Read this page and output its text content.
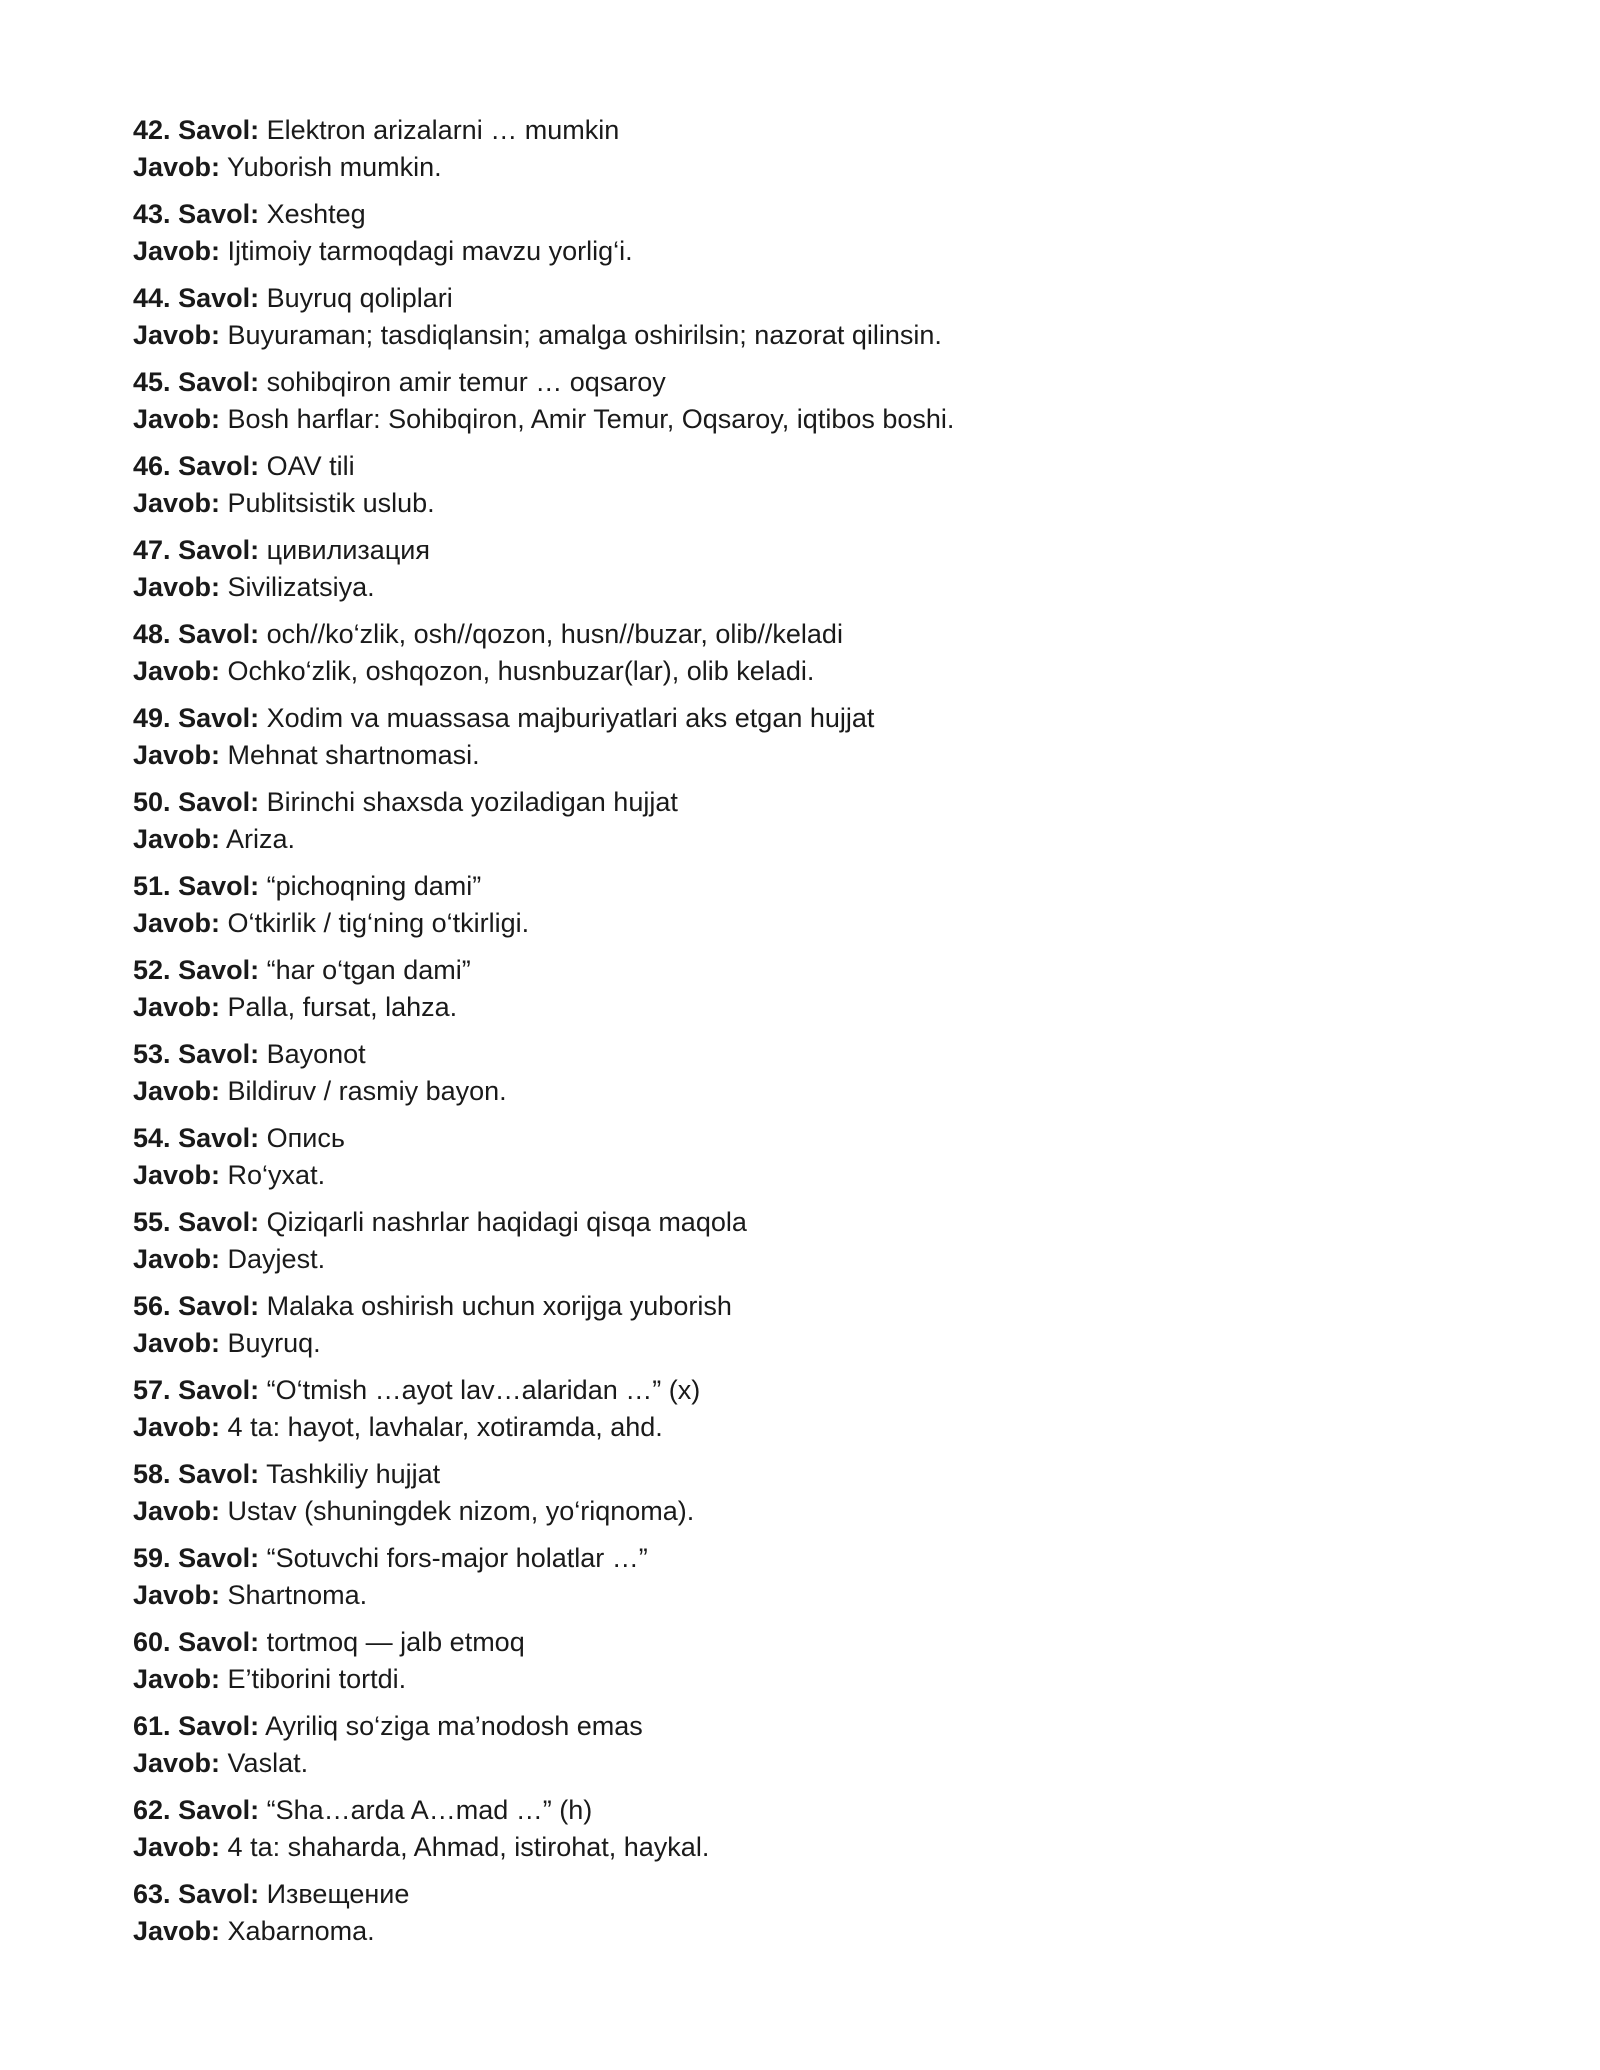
42. Savol: Elektron arizalarni … mumkin
Javob: Yuborish mumkin.
43. Savol: Xeshteg
Javob: Ijtimoiy tarmoqdagi mavzu yorlig‘i.
44. Savol: Buyruq qoliplari
Javob: Buyuraman; tasdiqlansin; amalga oshirilsin; nazorat qilinsin.
45. Savol: sohibqiron amir temur … oqsaroy
Javob: Bosh harflar: Sohibqiron, Amir Temur, Oqsaroy, iqtibos boshi.
46. Savol: OAV tili
Javob: Publitsistik uslub.
47. Savol: цивилизация
Javob: Sivilizatsiya.
48. Savol: och//ko‘zlik, osh//qozon, husn//buzar, olib//keladi
Javob: Ochko‘zlik, oshqozon, husnbuzar(lar), olib keladi.
49. Savol: Xodim va muassasa majburiyatlari aks etgan hujjat
Javob: Mehnat shartnomasi.
50. Savol: Birinchi shaxsda yoziladigan hujjat
Javob: Ariza.
51. Savol: “pichoqning dami”
Javob: O‘tkirlik / tig‘ning o‘tkirligi.
52. Savol: “har o‘tgan dami”
Javob: Palla, fursat, lahza.
53. Savol: Bayonot
Javob: Bildiruv / rasmiy bayon.
54. Savol: Опись
Javob: Ro‘yxat.
55. Savol: Qiziqarli nashrlar haqidagi qisqa maqola
Javob: Dayjest.
56. Savol: Malaka oshirish uchun xorijga yuborish
Javob: Buyruq.
57. Savol: “O‘tmish …ayot lav…alaridan …” (x)
Javob: 4 ta: hayot, lavhalar, xotiramda, ahd.
58. Savol: Tashkiliy hujjat
Javob: Ustav (shuningdek nizom, yo‘riqnoma).
59. Savol: “Sotuvchi fors-major holatlar …”
Javob: Shartnoma.
60. Savol: tortmoq — jalb etmoq
Javob: E’tiborini tortdi.
61. Savol: Ayriliq so‘ziga ma’nodosh emas
Javob: Vaslat.
62. Savol: “Sha…arda A…mad …” (h)
Javob: 4 ta: shaharda, Ahmad, istirohat, haykal.
63. Savol: Извещение
Javob: Xabarnoma.
